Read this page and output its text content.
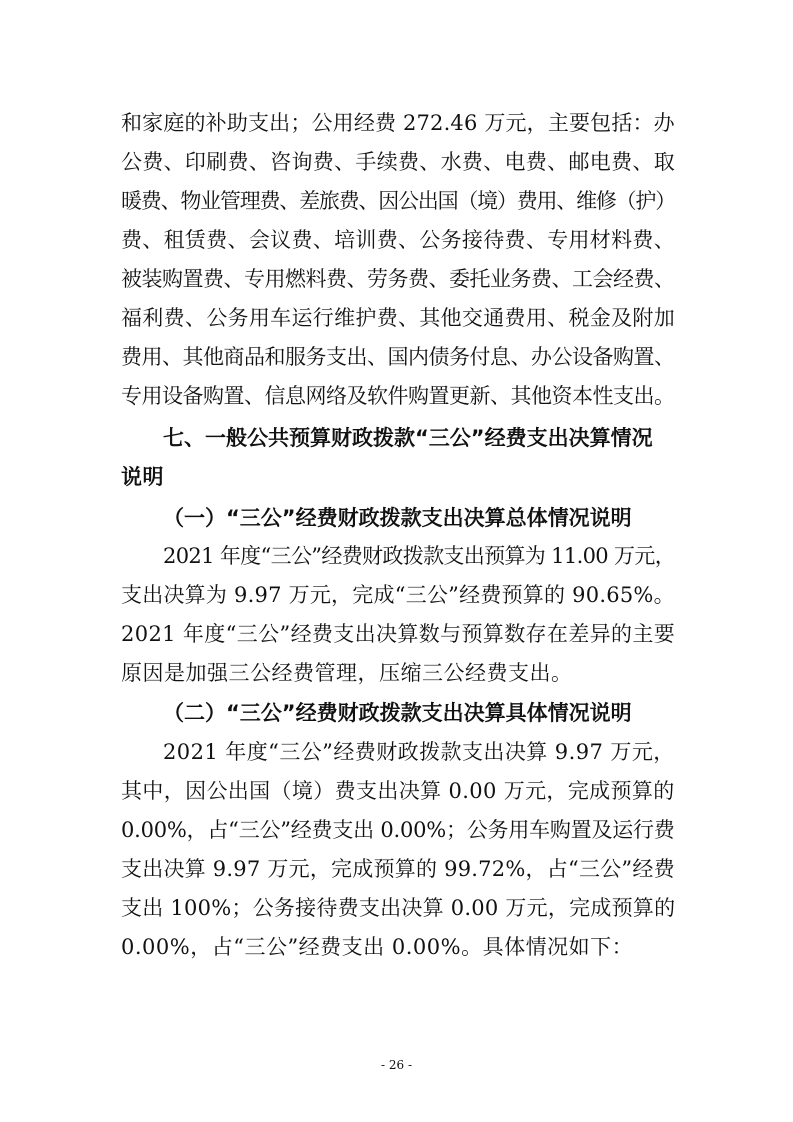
和家庭的补助支出；公用经费 272.46 万元，主要包括：办
公费、印刷费、咨询费、手续费、水费、电费、邮电费、取
暖费、物业管理费、差旅费、因公出国（境）费用、维修（护）
费、租赁费、会议费、培训费、公务接待费、专用材料费、
被装购置费、专用燃料费、劳务费、委托业务费、工会经费、
福利费、公务用车运行维护费、其他交通费用、税金及附加
费用、其他商品和服务支出、国内债务付息、办公设备购置、
专用设备购置、信息网络及软件购置更新、其他资本性支出。
七、一般公共预算财政拨款“三公”经费支出决算情况
说明
（一）“三公”经费财政拨款支出决算总体情况说明
2021 年度“三公”经费财政拨款支出预算为 11.00 万元，
支出决算为 9.97 万元，完成“三公”经费预算的 90.65%。
2021 年度“三公”经费支出决算数与预算数存在差异的主要
原因是加强三公经费管理，压缩三公经费支出。
（二）“三公”经费财政拨款支出决算具体情况说明
2021 年度“三公”经费财政拨款支出决算 9.97 万元，
其中，因公出国（境）费支出决算 0.00 万元，完成预算的
0.00%，占“三公”经费支出 0.00%；公务用车购置及运行费
支出决算 9.97 万元，完成预算的 99.72%，占“三公”经费
支出 100%；公务接待费支出决算 0.00 万元，完成预算的
0.00%，占“三公”经费支出 0.00%。具体情况如下：
- 26 -
